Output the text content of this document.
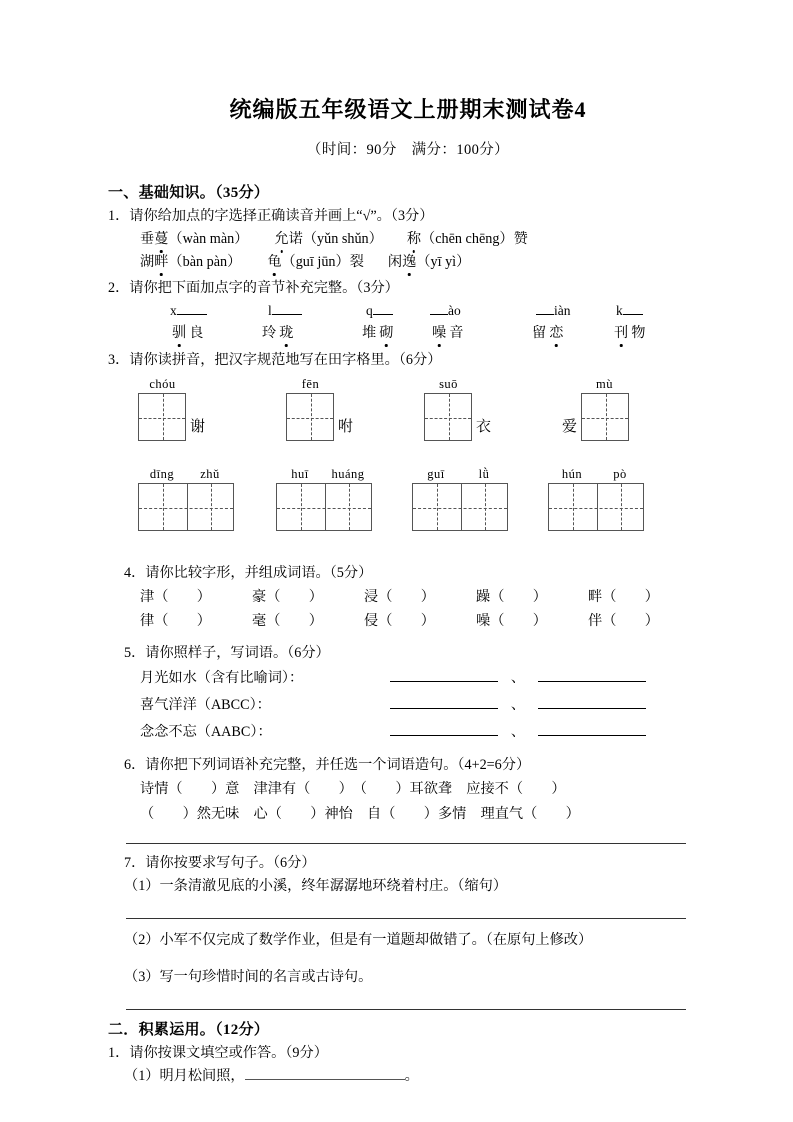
统编版五年级语文上册期末测试卷4
（时间：90分　满分：100分）
一、基础知识。（35分）
1．请你给加点的字选择正确读音并画上“√”。（3分）
垂蔓（wàn màn） 允诺（yǔn shǔn） 称（chēn chēng）赞
湖畔（bàn pàn） 龟（guī jūn）裂 闲逸（yī yì）
2．请你把下面加点字的音节补充完整。（3分）
x	l	q	ào	iàn	k
驯 良	玲 珑	堆 砌	噪 音	留 恋	刊 物
3．请你读拼音，把汉字规范地写在田字格里。（6分）
chóu
谢
fēn
咐
suō
衣
mù
爱
dīng	zhǔ	huī	huáng	guī	lǜ	hún	pò
4．请你比较字形，并组成词语。（5分）
津（　　）	豪（　　）	浸（　　）	躁（　　）	畔（　　）
律（　　）	毫（　　）	侵（　　）	噪（　　）	伴（　　）
5．请你照样子，写词语。（6分）
月光如水（含有比喻词）：	、
喜气洋洋（ABCC）：	、
念念不忘（AABC）：	、
6．请你把下列词语补充完整，并任选一个词语造句。（4+2=6分）
诗情（　　）意　津津有（　　）　（　　）耳欲聋　应接不（　　）
（　　）然无味　心（　　）神怡　自（　　）多情　理直气（　　）
7．请你按要求写句子。（6分）
（1）一条清澈见底的小溪，终年潺潺地环绕着村庄。（缩句）
（2）小军不仅完成了数学作业，但是有一道题却做错了。（在原句上修改）
（3）写一句珍惜时间的名言或古诗句。
二．积累运用。（12分）
1．请你按课文填空或作答。（9分）
（1）明月松间照，	。
